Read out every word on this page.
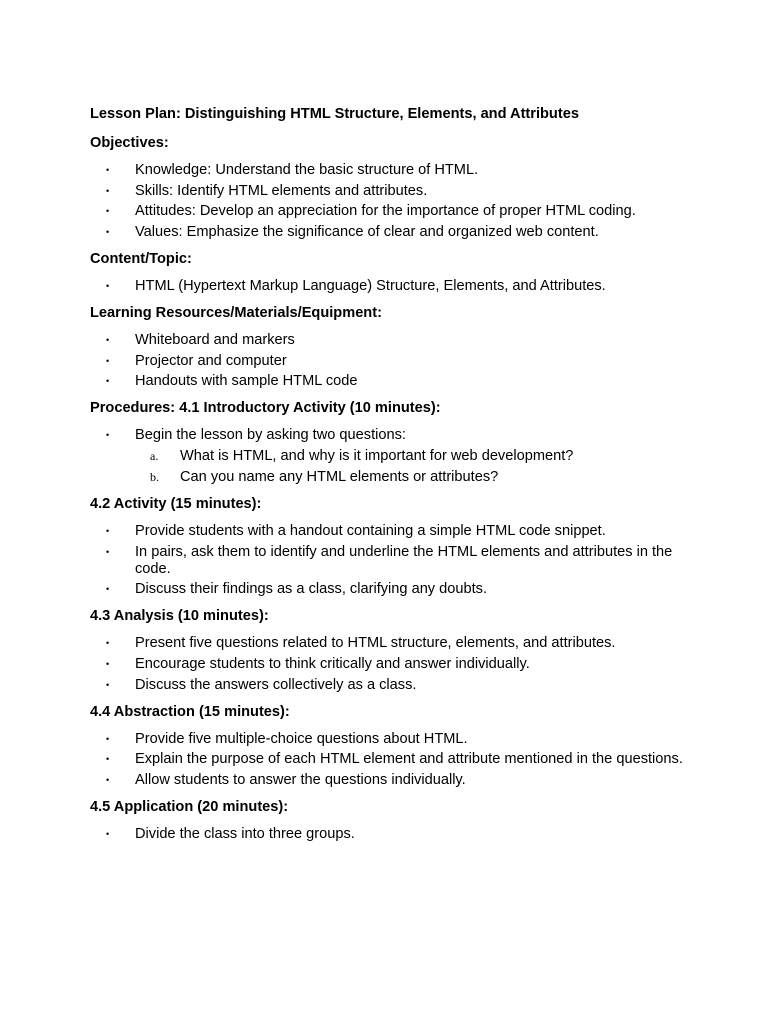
Lesson Plan: Distinguishing HTML Structure, Elements, and Attributes

Objectives:

• Knowledge: Understand the basic structure of HTML.
• Skills: Identify HTML elements and attributes.
• Attitudes: Develop an appreciation for the importance of proper HTML coding.
• Values: Emphasize the significance of clear and organized web content.

Content/Topic:

• HTML (Hypertext Markup Language) Structure, Elements, and Attributes.

Learning Resources/Materials/Equipment:

• Whiteboard and markers
• Projector and computer
• Handouts with sample HTML code

Procedures: 4.1 Introductory Activity (10 minutes):

• Begin the lesson by asking two questions:
a. What is HTML, and why is it important for web development?
b. Can you name any HTML elements or attributes?

4.2 Activity (15 minutes):

• Provide students with a handout containing a simple HTML code snippet.
• In pairs, ask them to identify and underline the HTML elements and attributes in the code.
• Discuss their findings as a class, clarifying any doubts.

4.3 Analysis (10 minutes):

• Present five questions related to HTML structure, elements, and attributes.
• Encourage students to think critically and answer individually.
• Discuss the answers collectively as a class.

4.4 Abstraction (15 minutes):

• Provide five multiple-choice questions about HTML.
• Explain the purpose of each HTML element and attribute mentioned in the questions.
• Allow students to answer the questions individually.

4.5 Application (20 minutes):

• Divide the class into three groups.
